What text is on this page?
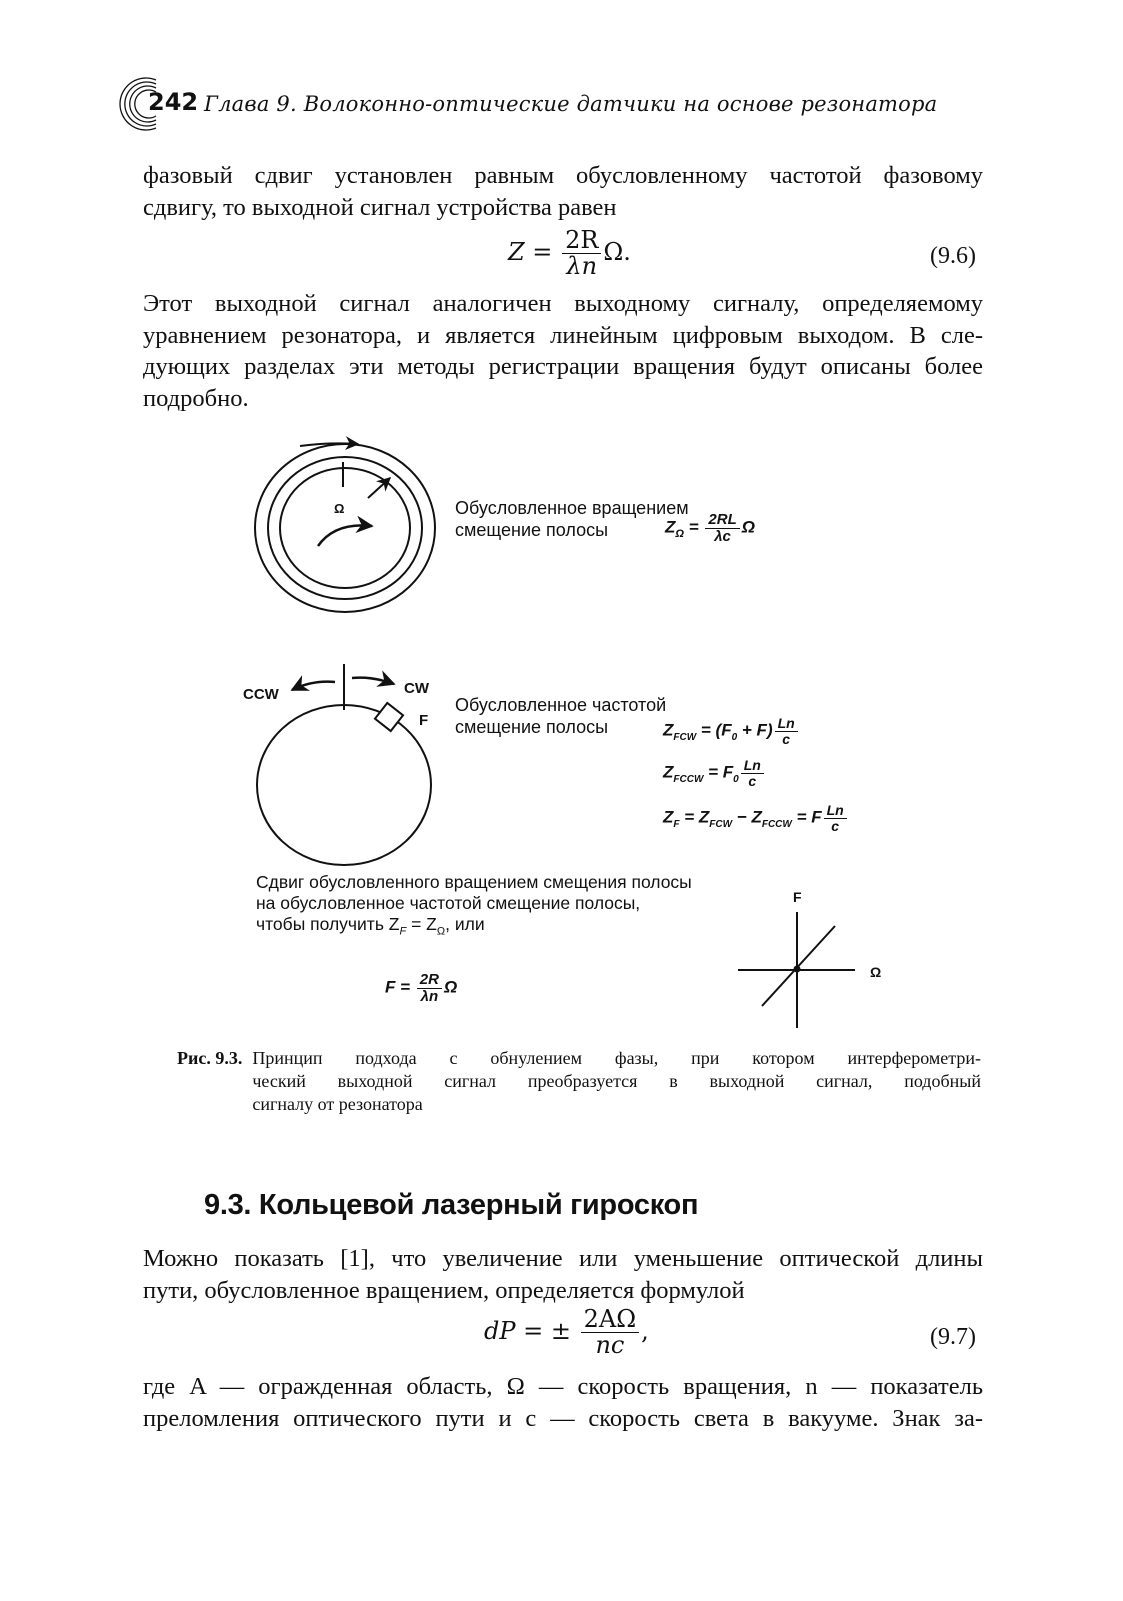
242 Глава 9. Волоконно-оптические датчики на основе резонатора
фазовый сдвиг установлен равным обусловленному частотой фазовому
сдвигу, то выходной сигнал устройства равен
$Z = \frac{2R}{\lambda n} \Omega$.	(9.6)
Этот выходной сигнал аналогичен выходному сигналу, определяемому
уравнением резонатора, и является линейным цифровым выходом. В сле-
дующих разделах эти методы регистрации вращения будут описаны более
подробно.
Ω	Обусловленное вращением
смещение полосы	$Z_\Omega = \frac{2RL}{\lambda c}$ Ω
CCW	CW
F
Обусловленное частотой
смещение полосы	$Z_{FCW} = (F_0 + F) \frac{Ln}{c}$
$Z_{FCCW} = F_0 \frac{Ln}{c}$
$Z_F = Z_{FCW} - Z_{FCCW} = F \frac{Ln}{c}$
Сдвиг обусловленного вращением смещения полосы
на обусловленное частотой смещение полосы,
чтобы получить $Z_F = Z_\Omega$, или
$F = \frac{2R}{\lambda n}$ Ω
F
Ω
Рис. 9.3. Принцип подхода с обнулением фазы, при котором интерферометри-
ческий выходной сигнал преобразуется в выходной сигнал, подобный
сигналу от резонатора
9.3. Кольцевой лазерный гироскоп
Можно показать [1], что увеличение или уменьшение оптической длины
пути, обусловленное вращением, определяется формулой
dP = ± $\frac{2A\Omega}{nc}$ ,	(9.7)
где A — огражденная область, Ω — скорость вращения, n — показатель
преломления оптического пути и c — скорость света в вакууме. Знак за-
